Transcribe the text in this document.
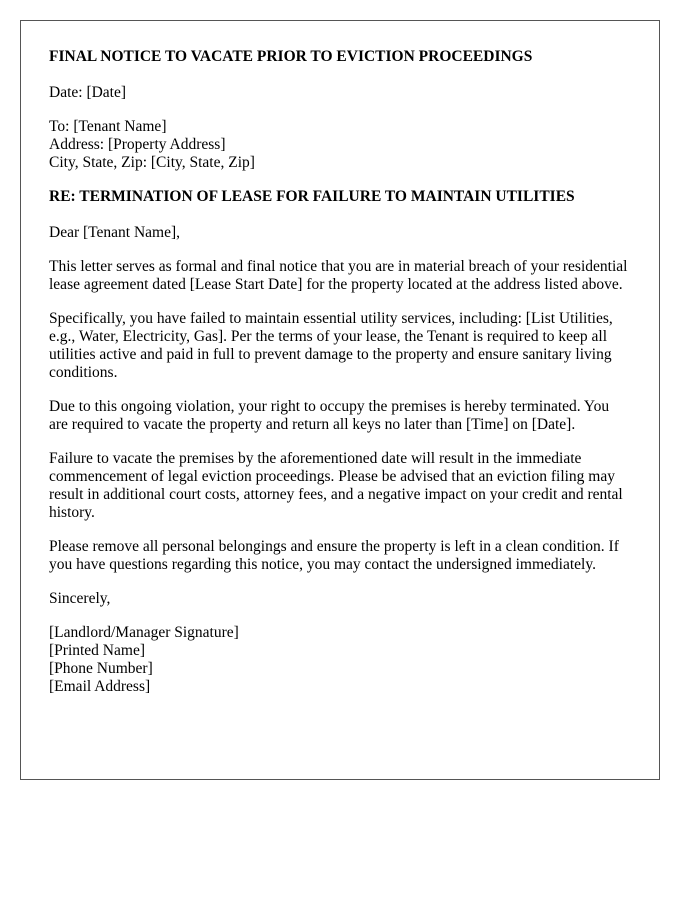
FINAL NOTICE TO VACATE PRIOR TO EVICTION PROCEEDINGS

Date: [Date]

To: [Tenant Name]
Address: [Property Address]
City, State, Zip: [City, State, Zip]

RE: TERMINATION OF LEASE FOR FAILURE TO MAINTAIN UTILITIES

Dear [Tenant Name],

This letter serves as formal and final notice that you are in material breach of your residential lease agreement dated [Lease Start Date] for the property located at the address listed above.

Specifically, you have failed to maintain essential utility services, including: [List Utilities, e.g., Water, Electricity, Gas]. Per the terms of your lease, the Tenant is required to keep all utilities active and paid in full to prevent damage to the property and ensure sanitary living conditions.

Due to this ongoing violation, your right to occupy the premises is hereby terminated. You are required to vacate the property and return all keys no later than [Time] on [Date].

Failure to vacate the premises by the aforementioned date will result in the immediate commencement of legal eviction proceedings. Please be advised that an eviction filing may result in additional court costs, attorney fees, and a negative impact on your credit and rental history.

Please remove all personal belongings and ensure the property is left in a clean condition. If you have questions regarding this notice, you may contact the undersigned immediately.

Sincerely,

[Landlord/Manager Signature]
[Printed Name]
[Phone Number]
[Email Address]
